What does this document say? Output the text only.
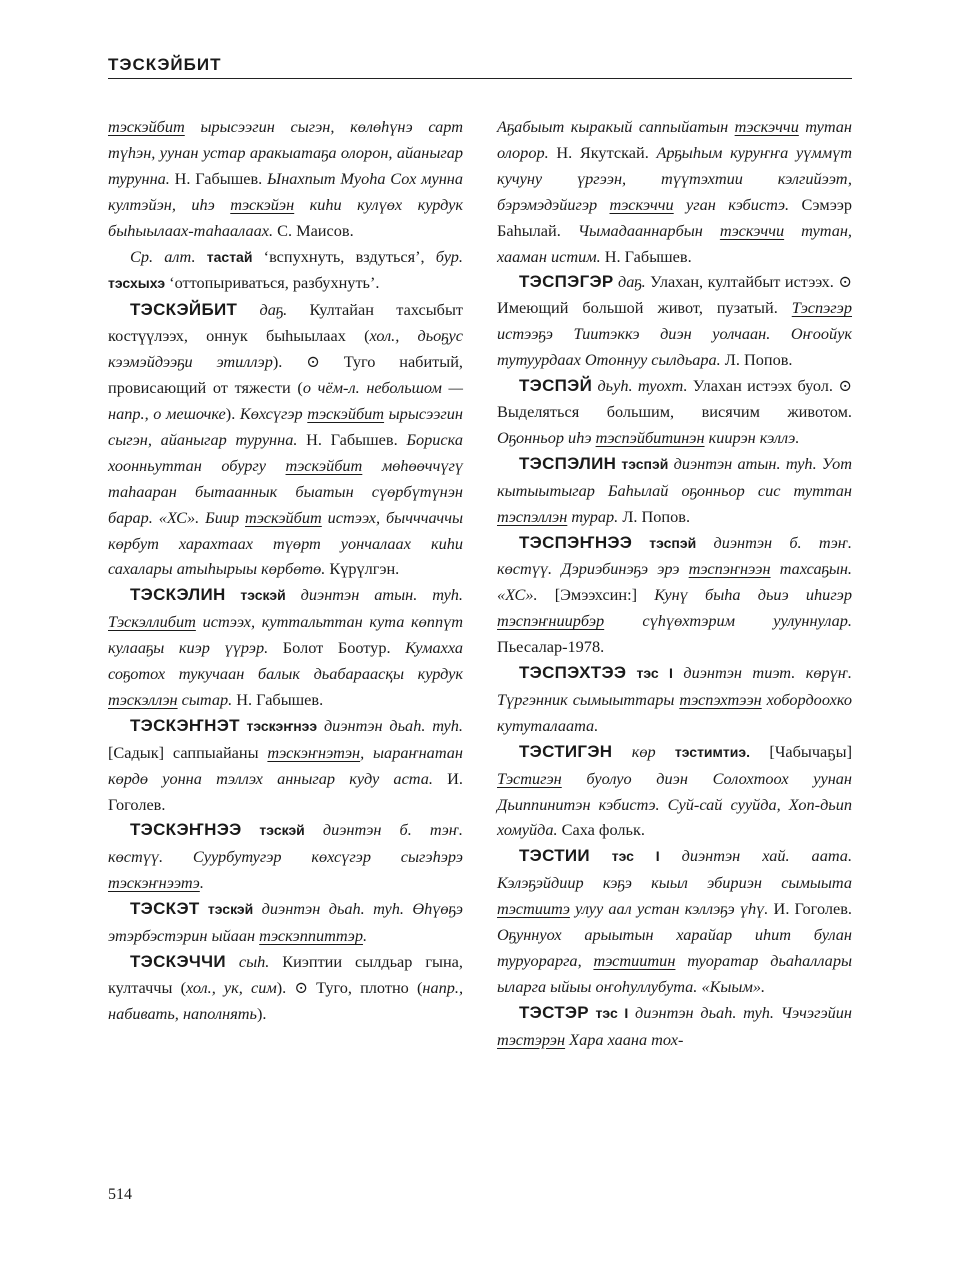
ТЭСКЭЙБИТ

тэскэйбит ырысээгин сыгэн, көлөһүнэ сарт түһэн, уунан устар аракыатаҕа олорон, айаныгар турунна. Н. Габышев. Ынахпыт Муоһа Сох мунна култэйэн, иһэ тэскэйэн киһи кулүөх курдук быһыылаах-таһаалаах. С. Маисов.

Ср. алт. тастай ‘вспухнуть, вздуться’, бур. тэсхыхэ ‘оттопыриваться, разбухнуть’.

ТЭСКЭЙБИТ даҕ. Култайан тахсыбыт костүүлээх, оннук быһыылаах (хол., дьоҕус кээмэйдээҕи этиллэр). ⊙ Туго набитый, провисающий от тяжести (о чём-л. небольшом — напр., о мешочке). Көхсүгэр тэскэйбит ырысээгин сыгэн, айаныгар турунна. Н. Габышев. Бориска хоонньуттан обургу тэскэйбит мөһөөччүгү таһааран бытааннык быатын сүөрбүтүнэн барар. «ХС». Биир тэскэйбит истээх, бычччаччы көрбут харахтаах түөрт уончалаах киһи сахалары атыһырыы көрбөтө. Күрүлгэн.

ТЭСКЭЛИН тэскэй диэнтэн атын. туһ. Тэскэллибит истээх, куттальттан кута көппүт кулааҕы киэр үүрэр. Болот Боотур. Кумахха соҕотох тукучаан балык дьабараасқы курдук тэскэллэн сытар. Н. Габышев.

ТЭСКЭҤНЭТ тэскэҥнээ диэнтэн дьаһ. туһ. [Садык] саппыайаны тэскэҥнэтэн, ыараҥнатан көрдө уонна тэллэх анныгар куду аста. И. Гоголев.

ТЭСКЭҤНЭЭ тэскэй диэнтэн б. тэҥ. көстүү. Суурбутугэр көхсүгэр сыгэһэрэ тэскэҥнээтэ.

ТЭСКЭТ тэскэй диэнтэн дьаһ. туһ. Өһүөҕэ этэрбэстэрин ыйаан тэскэппиттэр.

ТЭСКЭЧЧИ сыһ. Киэптии сылдьар гына, култаччы (хол., ук, сим). ⊙ Туго, плотно (напр., набивать, наполнять).

Аҕабыыт кыракый саппыйатын тэскэччи тутан олорор. Н. Якутскай. Арҕыһым куруҥҥа уүммүт кучуну үргээн, түүтэхтии кэлгийээт, бэрэмэдэйигэр тэскэччи уган кэбистэ. Сэмээр Баһылай. Чымадааннарбын тэскэччи тутан, хааман истим. Н. Габышев.

ТЭСПЭГЭР даҕ. Улахан, култайбыт истээх. ⊙ Имеющий большой живот, пузатый. Тэспэгэр истээҕэ Тиитэккэ диэн уолчаан. Оҥоойук тутуурдаах Отоннуу сылдьара. Л. Попов.

ТЭСПЭЙ дьуһ. туохт. Улахан истээх буол. ⊙ Выделяться большим, висячим животом. Оҕонньор иһэ тэспэйбитинэн киирэн кэллэ.

ТЭСПЭЛИН тэспэй диэнтэн атын. туһ. Уот кытыытыгар Баһылай оҕонньор сис туттан тэспэллэн турар. Л. Попов.

ТЭСПЭҤНЭЭ тэспэй диэнтэн б. тэҥ. көстүү. Дэриэбинэҕэ эрэ тэспэҥнээн тахсаҕын. «ХС». [Эмээхсин:] Кунү быһа дьиэ иһигэр тэспэҥниирбэр сүһүөхтэрим уулуннулар. Пьесалар-1978.

ТЭСПЭХТЭЭ тэс I диэнтэн тиэт. көрүҥ. Түргэнник сымыыттары тэспэхтээн хобордоохко кутуталаата.

ТЭСТИГЭН көр тэстимтиэ. [Чабычаҕы] Тэстигэн буолуо диэн Солохтоох уунан Дьиппинитэн кэбистэ. Суй-сай сууйда, Хоп-дьип хомуйда. Саха фольк.

ТЭСТИИ тэс I диэнтэн хай. аата. Кэлэҕэйдиир кэҕэ кыыл эбириэн сымыыта тэстиитэ улуу аал устан кэллэҕэ үһү. И. Гоголев. Оҕуннуох арыытын харайар иһит булан туруорарга, тэстиитин туоратар дьаһаллары ыларга ыйыы оҥоһуллубута. «Кыым».

ТЭСТЭР тэс I диэнтэн дьаһ. туһ. Чэчэгэйин тэстэрэн Хара хаана тох-

514
